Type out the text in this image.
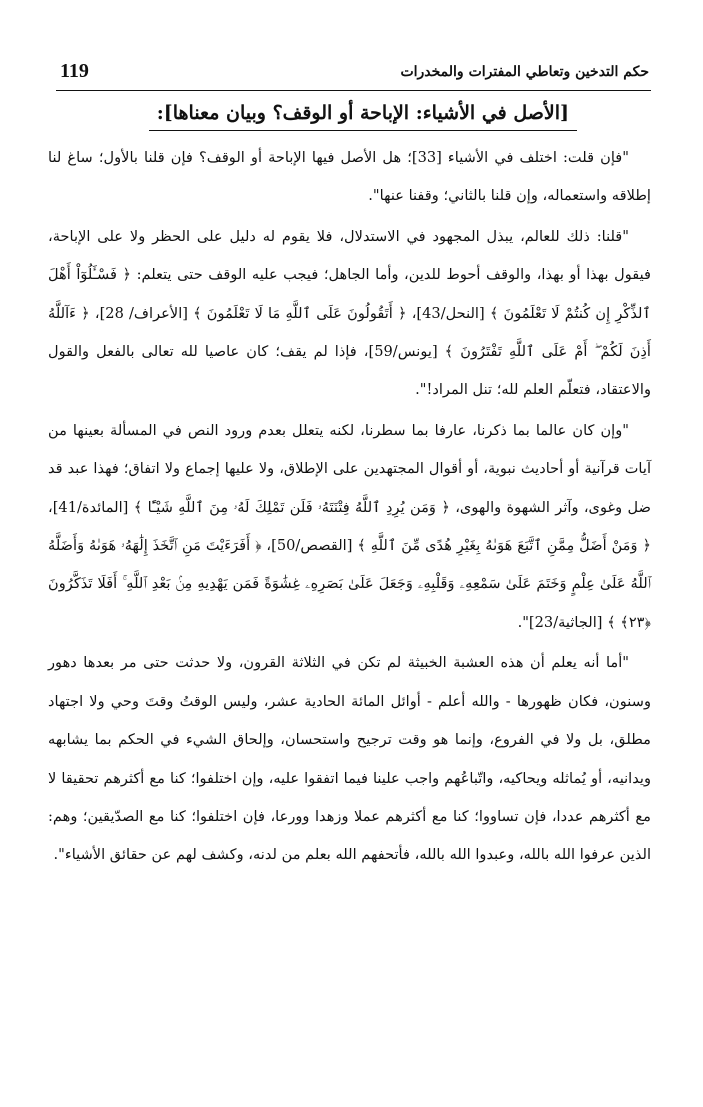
119	حكم التدخين وتعاطي المفترات والمخدرات
[الأصل في الأشياء: الإباحة أو الوقف؟ وبيان معناها]:

"فإن قلت: اختلف في الأشياء [33]؛ هل الأصل فيها الإباحة أو الوقف؟ فإن قلنا بالأول؛ ساغ لنا إطلاقه واستعماله، وإن قلنا بالثاني؛ وقفنا عنها".

"قلنا: ذلك للعالم، يبذل المجهود في الاستدلال، فلا يقوم له دليل على الحظر ولا على الإباحة، فيقول بهذا أو بهذا، والوقف أحوط للدين، وأما الجاهل؛ فيجب عليه الوقف حتى يتعلم: ﴿ فَسْـَٔلُوٓاْ أَهْلَ ٱلذِّكْرِ إِن كُنتُمْ لَا تَعْلَمُونَ ﴾ [النحل/43]، ﴿ أَتَقُولُونَ عَلَى ٱللَّهِ مَا لَا تَعْلَمُونَ ﴾ [الأعراف/ 28]، ﴿ ءَآللَّهُ أَذِنَ لَكُمْ ۖ أَمْ عَلَى ٱللَّهِ تَفْتَرُونَ ﴾ [يونس/59]، فإذا لم يقف؛ كان عاصيا لله تعالى بالفعل والقول والاعتقاد، فتعلّم العلم لله؛ تنل المراد!".

"وإن كان عالما بما ذكرنا، عارفا بما سطرنا، لكنه يتعلل بعدم ورود النص في المسألة بعينها من آيات قرآنية أو أحاديث نبوية، أو أقوال المجتهدين على الإطلاق، ولا عليها إجماع ولا اتفاق؛ فهذا عبد قد ضل وغوى، وآثر الشهوة والهوى، ﴿ وَمَن يُرِدِ ٱللَّهُ فِتْنَتَهُۥ فَلَن تَمْلِكَ لَهُۥ مِنَ ٱللَّهِ شَيْـًٔا ﴾ [المائدة/41]، ﴿ وَمَنْ أَضَلُّ مِمَّنِ ٱتَّبَعَ هَوَىٰهُ بِغَيْرِ هُدًى مِّنَ ٱللَّهِ ﴾ [القصص/50]، ﴿ أَفَرَءَيْتَ مَنِ ٱتَّخَذَ إِلَٰهَهُۥ هَوَىٰهُ وَأَضَلَّهُ ٱللَّهُ عَلَىٰ عِلْمٍ وَخَتَمَ عَلَىٰ سَمْعِهِۦ وَقَلْبِهِۦ وَجَعَلَ عَلَىٰ بَصَرِهِۦ غِشَٰوَةً فَمَن يَهْدِيهِ مِنۢ بَعْدِ ٱللَّهِ ۚ أَفَلَا تَذَكَّرُونَ ﴿٢٣﴾ ﴾ [الجاثية/23]".

"أما أنه يعلم أن هذه العشبة الخبيثة لم تكن في الثلاثة القرون، ولا حدثت حتى مر بعدها دهور وسنون، فكان ظهورها - والله أعلم - أوائل المائة الحادية عشر، وليس الوقتُ وقتَ وحي ولا اجتهاد مطلق، بل ولا في الفروع، وإنما هو وقت ترجيح واستحسان، وإلحاق الشيء في الحكم بما يشابهه ويدانيه، أو يُماثله ويحاكيه، واتّباعُهم واجب علينا فيما اتفقوا عليه، وإن اختلفوا؛ كنا مع أكثرهم تحقيقا لا مع أكثرهم عددا، فإن تساووا؛ كنا مع أكثرهم عملا وزهدا وورعا، فإن اختلفوا؛ كنا مع الصدّيقين؛ وهم: الذين عرفوا الله بالله، وعبدوا الله بالله، فأتحفهم الله بعلم من لدنه، وكشف لهم عن حقائق الأشياء".
